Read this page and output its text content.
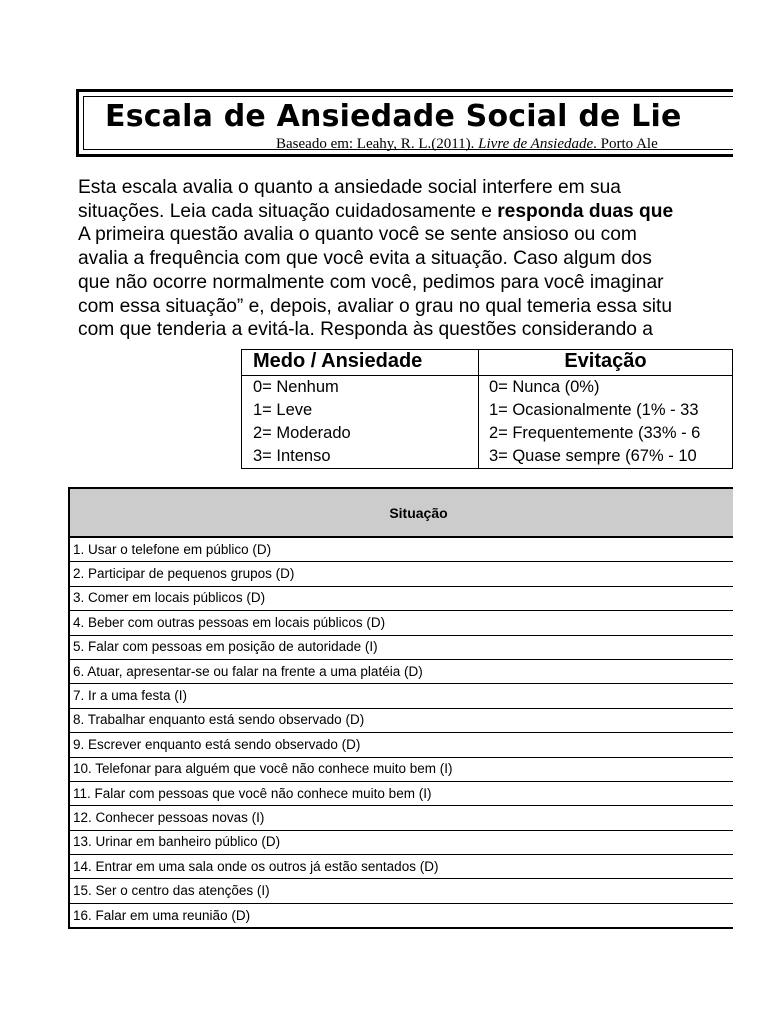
Escala de Ansiedade Social de Lie
Baseado em: Leahy, R. L.(2011). Livre de Ansiedade. Porto Ale
Esta escala avalia o quanto a ansiedade social interfere em sua
situações. Leia cada situação cuidadosamente e responda duas que
A primeira questão avalia o quanto você se sente ansioso ou com
avalia a frequência com que você evita a situação. Caso algum dos
que não ocorre normalmente com você, pedimos para você imaginar
com essa situação” e, depois, avaliar o grau no qual temeria essa situ
com que tenderia a evitá-la. Responda às questões considerando a
Medo / Ansiedade	Evitação
0= Nenhum	0= Nunca (0%)
1= Leve	1= Ocasionalmente (1% - 33
2= Moderado	2= Frequentemente (33% - 6
3= Intenso	3= Quase sempre (67% - 10
Situação
1. Usar o telefone em público (D)
2. Participar de pequenos grupos (D)
3. Comer em locais públicos (D)
4. Beber com outras pessoas em locais públicos (D)
5. Falar com pessoas em posição de autoridade (I)
6. Atuar, apresentar-se ou falar na frente a uma platéia (D)
7. Ir a uma festa (I)
8. Trabalhar enquanto está sendo observado (D)
9. Escrever enquanto está sendo observado (D)
10. Telefonar para alguém que você não conhece muito bem (I)
11. Falar com pessoas que você não conhece muito bem (I)
12. Conhecer pessoas novas (I)
13. Urinar em banheiro público (D)
14. Entrar em uma sala onde os outros já estão sentados (D)
15. Ser o centro das atenções (I)
16. Falar em uma reunião (D)
